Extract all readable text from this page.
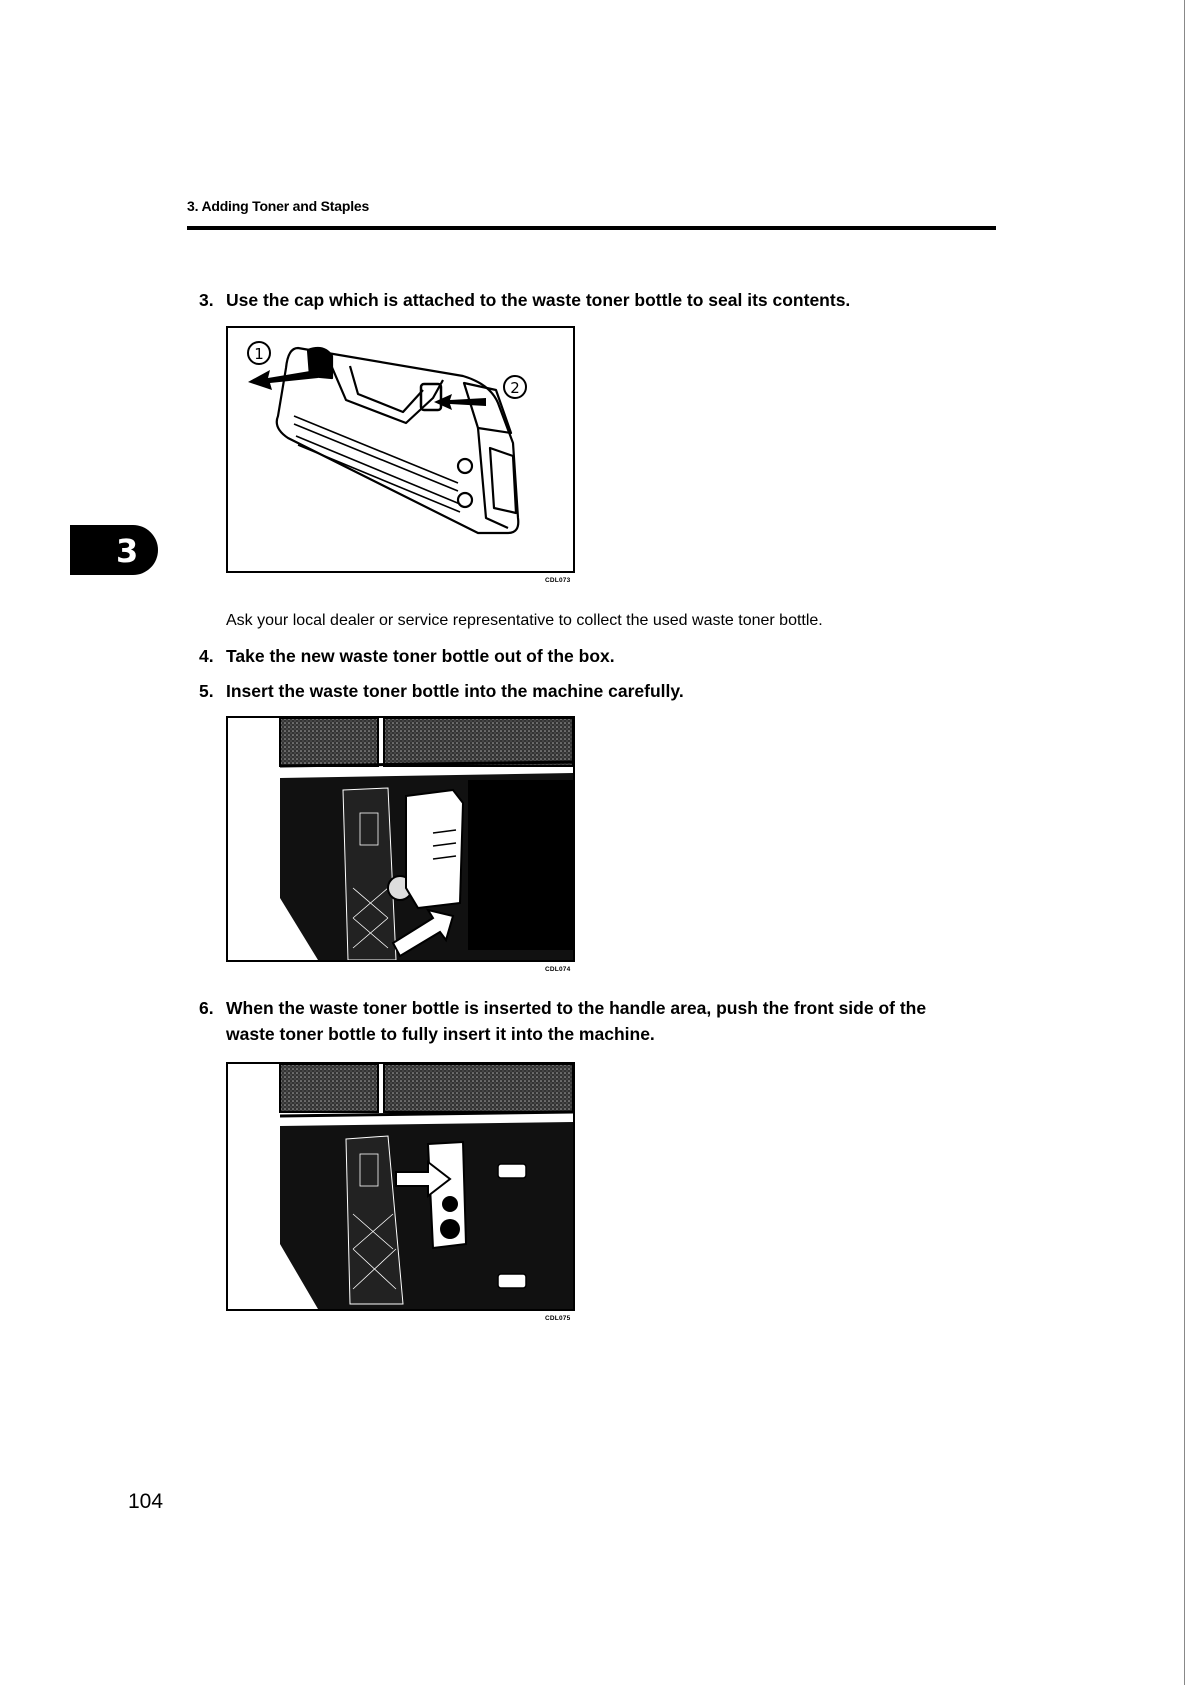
3. Adding Toner and Staples
3
3. Use the cap which is attached to the waste toner bottle to seal its contents.
1
2
CDL073
Ask your local dealer or service representative to collect the used waste toner bottle.
4. Take the new waste toner bottle out of the box.
5. Insert the waste toner bottle into the machine carefully.
CDL074
6. When the waste toner bottle is inserted to the handle area, push the front side of the
waste toner bottle to fully insert it into the machine.
CDL075
104
